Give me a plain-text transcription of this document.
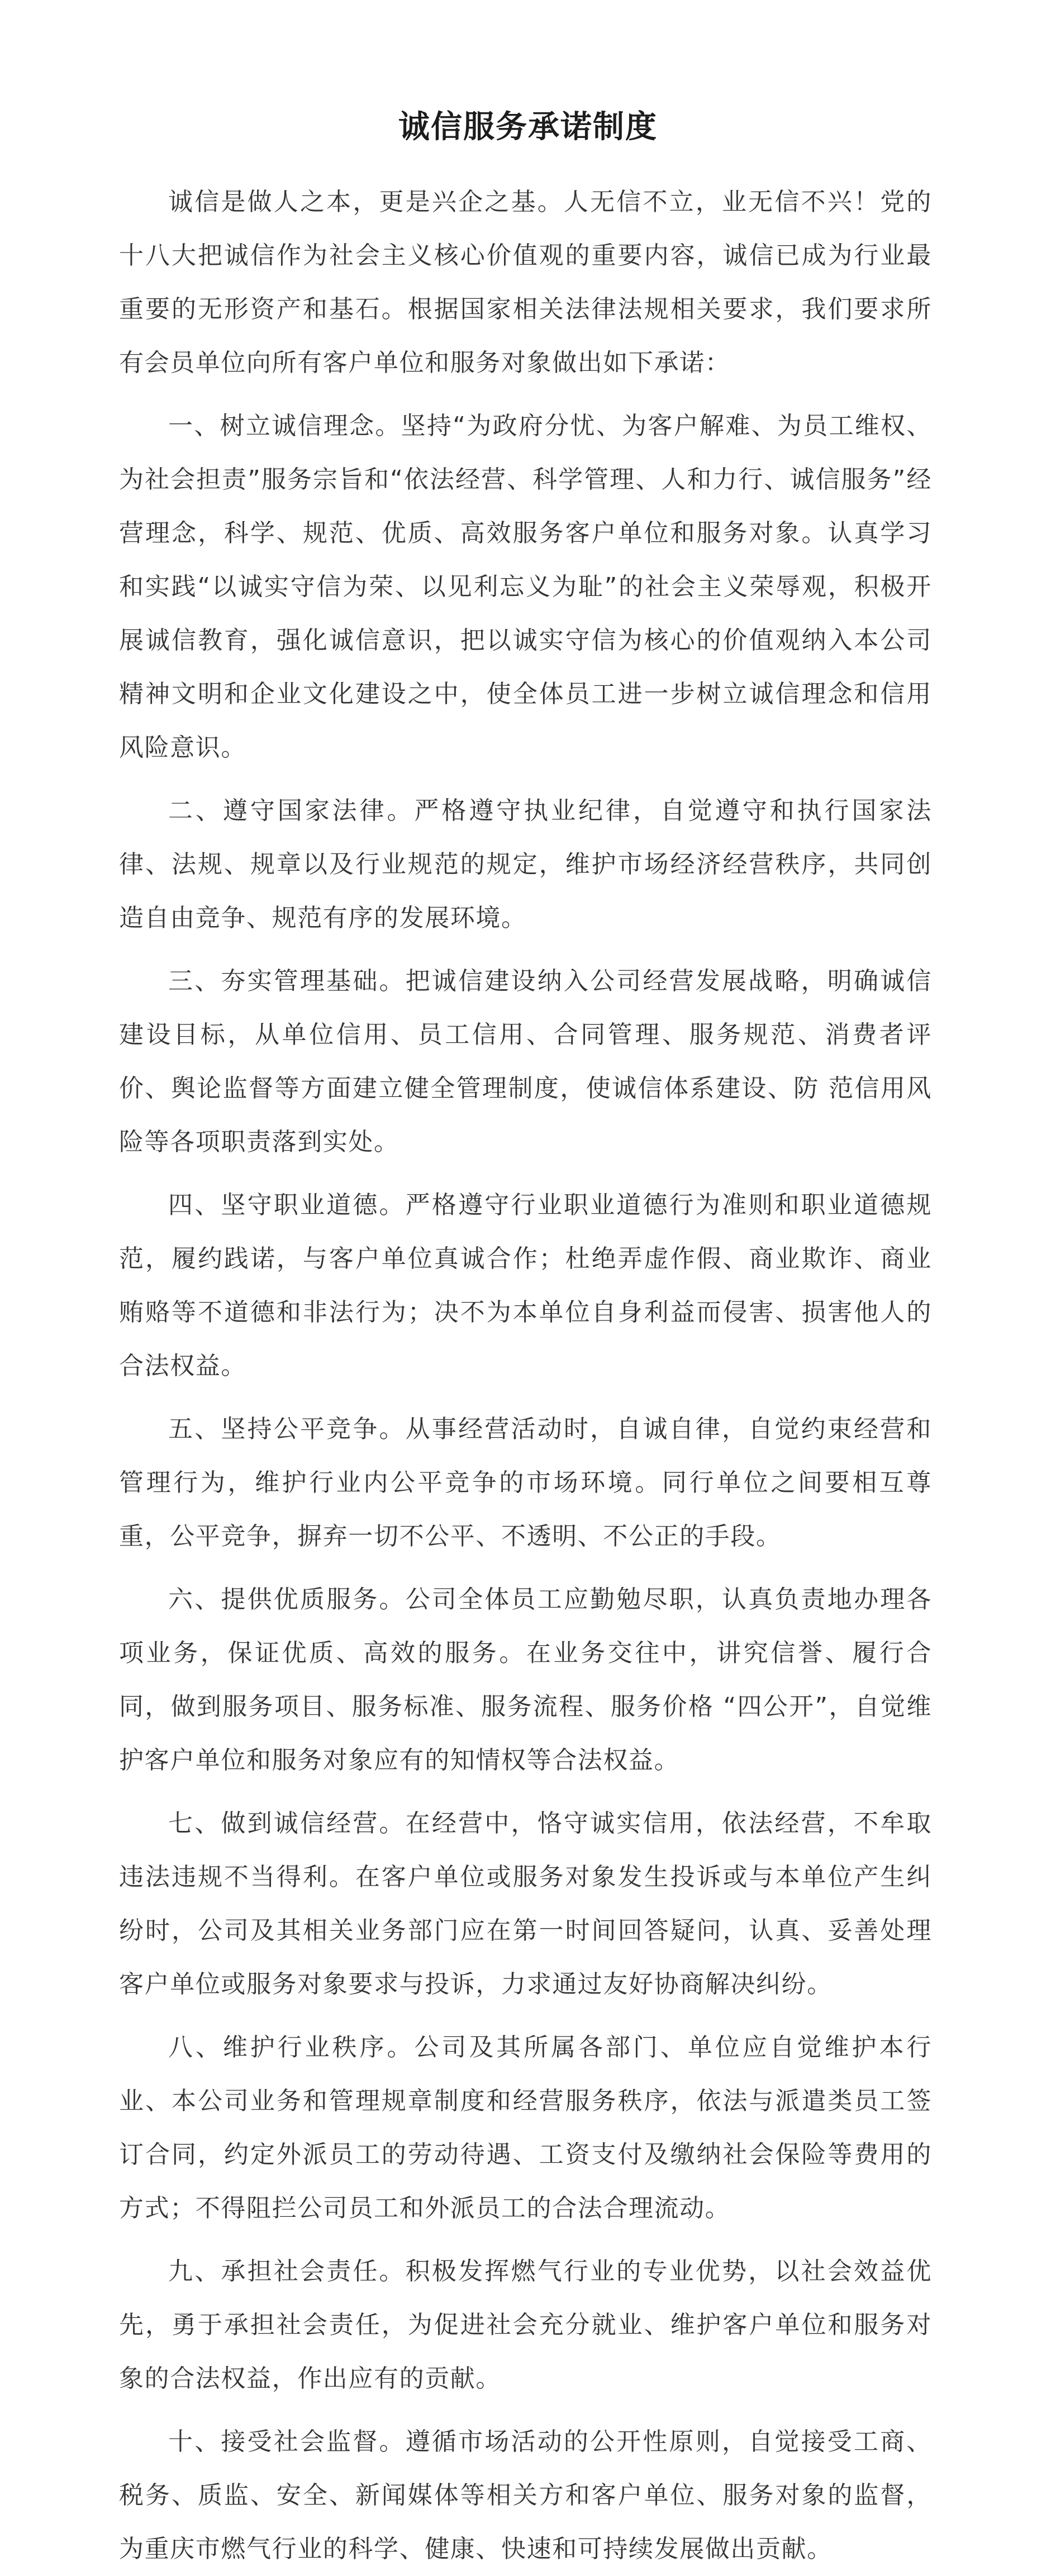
诚信服务承诺制度

诚信是做人之本，更是兴企之基。人无信不立，业无信不兴！党的十八大把诚信作为社会主义核心价值观的重要内容，诚信已成为行业最重要的无形资产和基石。根据国家相关法律法规相关要求，我们要求所有会员单位向所有客户单位和服务对象做出如下承诺：

一、树立诚信理念。坚持“为政府分忧、为客户解难、为员工维权、为社会担责”服务宗旨和“依法经营、科学管理、人和力行、诚信服务”经营理念，科学、规范、优质、高效服务客户单位和服务对象。认真学习和实践“以诚实守信为荣、以见利忘义为耻”的社会主义荣辱观，积极开展诚信教育，强化诚信意识，把以诚实守信为核心的价值观纳入本公司精神文明和企业文化建设之中，使全体员工进一步树立诚信理念和信用风险意识。

二、遵守国家法律。严格遵守执业纪律，自觉遵守和执行国家法律、法规、规章以及行业规范的规定，维护市场经济经营秩序，共同创造自由竞争、规范有序的发展环境。

三、夯实管理基础。把诚信建设纳入公司经营发展战略，明确诚信建设目标，从单位信用、员工信用、合同管理、服务规范、消费者评价、舆论监督等方面建立健全管理制度，使诚信体系建设、防 范信用风险等各项职责落到实处。

四、坚守职业道德。严格遵守行业职业道德行为准则和职业道德规范，履约践诺，与客户单位真诚合作；杜绝弄虚作假、商业欺诈、商业贿赂等不道德和非法行为；决不为本单位自身利益而侵害、损害他人的合法权益。

五、坚持公平竞争。从事经营活动时，自诚自律，自觉约束经营和管理行为，维护行业内公平竞争的市场环境。同行单位之间要相互尊重，公平竞争，摒弃一切不公平、不透明、不公正的手段。

六、提供优质服务。公司全体员工应勤勉尽职，认真负责地办理各项业务，保证优质、高效的服务。在业务交往中，讲究信誉、履行合同，做到服务项目、服务标准、服务流程、服务价格 “四公开”，自觉维护客户单位和服务对象应有的知情权等合法权益。

七、做到诚信经营。在经营中，恪守诚实信用，依法经营，不牟取违法违规不当得利。在客户单位或服务对象发生投诉或与本单位产生纠纷时，公司及其相关业务部门应在第一时间回答疑问，认真、妥善处理客户单位或服务对象要求与投诉，力求通过友好协商解决纠纷。

八、维护行业秩序。公司及其所属各部门、单位应自觉维护本行业、本公司业务和管理规章制度和经营服务秩序，依法与派遣类员工签订合同，约定外派员工的劳动待遇、工资支付及缴纳社会保险等费用的方式；不得阻拦公司员工和外派员工的合法合理流动。

九、承担社会责任。积极发挥燃气行业的专业优势，以社会效益优先，勇于承担社会责任，为促进社会充分就业、维护客户单位和服务对象的合法权益，作出应有的贡献。

十、接受社会监督。遵循市场活动的公开性原则，自觉接受工商、税务、质监、安全、新闻媒体等相关方和客户单位、服务对象的监督，为重庆市燃气行业的科学、健康、快速和可持续发展做出贡献。
